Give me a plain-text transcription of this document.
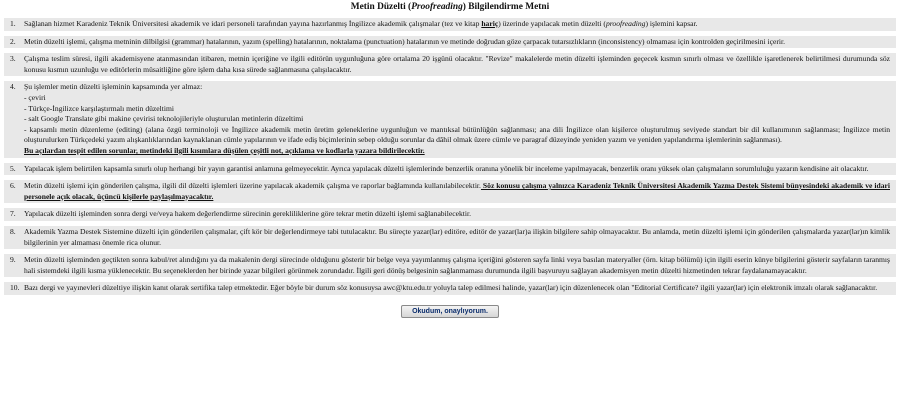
Metin Düzelti (Proofreading) Bilgilendirme Metni
1. Sağlanan hizmet Karadeniz Teknik Üniversitesi akademik ve idari personeli tarafından yayına hazırlanmış İngilizce akademik çalışmalar (tez ve kitap hariç) üzerinde yapılacak metin düzelti (proofreading) işlemini kapsar.
2. Metin düzelti işlemi, çalışma metninin dilbilgisi (grammar) hatalarının, yazım (spelling) hatalarının, noktalama (punctuation) hatalarının ve metinde doğrudan göze çarpacak tutarsızlıkların (inconsistency) olmaması için kontrolden geçirilmesini içerir.
3. Çalışma teslim süresi, ilgili akademisyene atanmasından itibaren, metnin içeriğine ve ilgili editörün uygunluğuna göre ortalama 20 işgünü olacaktır. "Revize" makalelerde metin düzelti işleminden geçecek kısmın sınırlı olması ve özellikle işaretlenerek belirtilmesi durumunda söz konusu kısmın uzunluğu ve editörlerin müsaitliğine göre işlem daha kısa sürede sağlanmasına çalışılacaktır.
4. Şu işlemler metin düzelti işleminin kapsamında yer almaz:
- çeviri
- Türkçe-İngilizce karşılaştırmalı metin düzeltimi
- salt Google Translate gibi makine çevirisi teknolojileriyle oluşturulan metinlerin düzeltimi
- kapsamlı metin düzenleme (editing) (alana özgü terminoloji ve İngilizce akademik metin üretim geleneklerine uygunluğun ve mantıksal bütünlüğün sağlanması; ana dili İngilizce olan kişilerce oluşturulmuş seviyede standart bir dil kullanımının sağlanması; İngilizce metin oluşturulurken Türkçedeki yazım alışkanlıklarından kaynaklanan cümle yapılarının ve ifade ediş biçimlerinin sebep olduğu sorunlar da dâhil olmak üzere cümle ve paragraf düzeyinde yeniden yazım ve yeniden yapılandırma işlemlerinin sağlanması).
Bu açılardan tespit edilen sorunlar, metindeki ilgili kısımlara düşülen çeşitli not, açıklama ve kodlarla yazara bildirilecektir.
5. Yapılacak işlem belirtilen kapsamla sınırlı olup herhangi bir yayın garantisi anlamına gelmeyecektir. Ayrıca yapılacak düzelti işlemlerinde benzerlik oranına yönelik bir inceleme yapılmayacak, benzerlik oranı yüksek olan çalışmaların sorumluluğu yazarın kendisine ait olacaktır.
6. Metin düzelti işlemi için gönderilen çalışma, ilgili dil düzelti işlemleri üzerine yapılacak akademik çalışma ve raporlar bağlamında kullanılabilecektir. Söz konusu çalışma yalnızca Karadeniz Teknik Üniversitesi Akademik Yazma Destek Sistemi bünyesindeki akademik ve idari personele açık olacak, üçüncü kişilerle paylaşılmayacaktır.
7. Yapılacak düzelti işleminden sonra dergi ve/veya hakem değerlendirme sürecinin gerekliliklerine göre tekrar metin düzelti işlemi sağlanabilecektir.
8. Akademik Yazma Destek Sistemine düzelti için gönderilen çalışmalar, çift kör bir değerlendirmeye tabi tutulacaktır. Bu süreçte yazar(lar) editöre, editör de yazar(lar)a ilişkin bilgilere sahip olmayacaktır. Bu anlamda, metin düzelti işlemi için gönderilen çalışmalarda yazar(lar)ın kimlik bilgilerinin yer almaması önemle rica olunur.
9. Metin düzelti işleminden geçtikten sonra kabul/ret alındığını ya da makalenin dergi sürecinde olduğunu gösterir bir belge veya yayımlanmış çalışma içeriğini gösteren sayfa linki veya basılan materyaller (örn. kitap bölümü) için ilgili eserin künye bilgilerini gösterir sayfaların taranmış hali sistemdeki ilgili kısma yüklenecektir. Bu seçeneklerden her birinde yazar bilgileri görünmek zorundadır. İlgili geri dönüş belgesinin sağlanmaması durumunda ilgili başvuruyu sağlayan akademisyen metin düzelti hizmetinden tekrar faydalanamayacaktır.
10. Bazı dergi ve yayınevleri düzeltiye ilişkin kanıt olarak sertifika talep etmektedir. Eğer böyle bir durum söz konusuysa awc@ktu.edu.tr yoluyla talep edilmesi halinde, yazar(lar) için düzenlenecek olan "Editorial Certificate? ilgili yazar(lar) için elektronik imzalı olarak sağlanacaktır.
Okudum, onaylıyorum.
